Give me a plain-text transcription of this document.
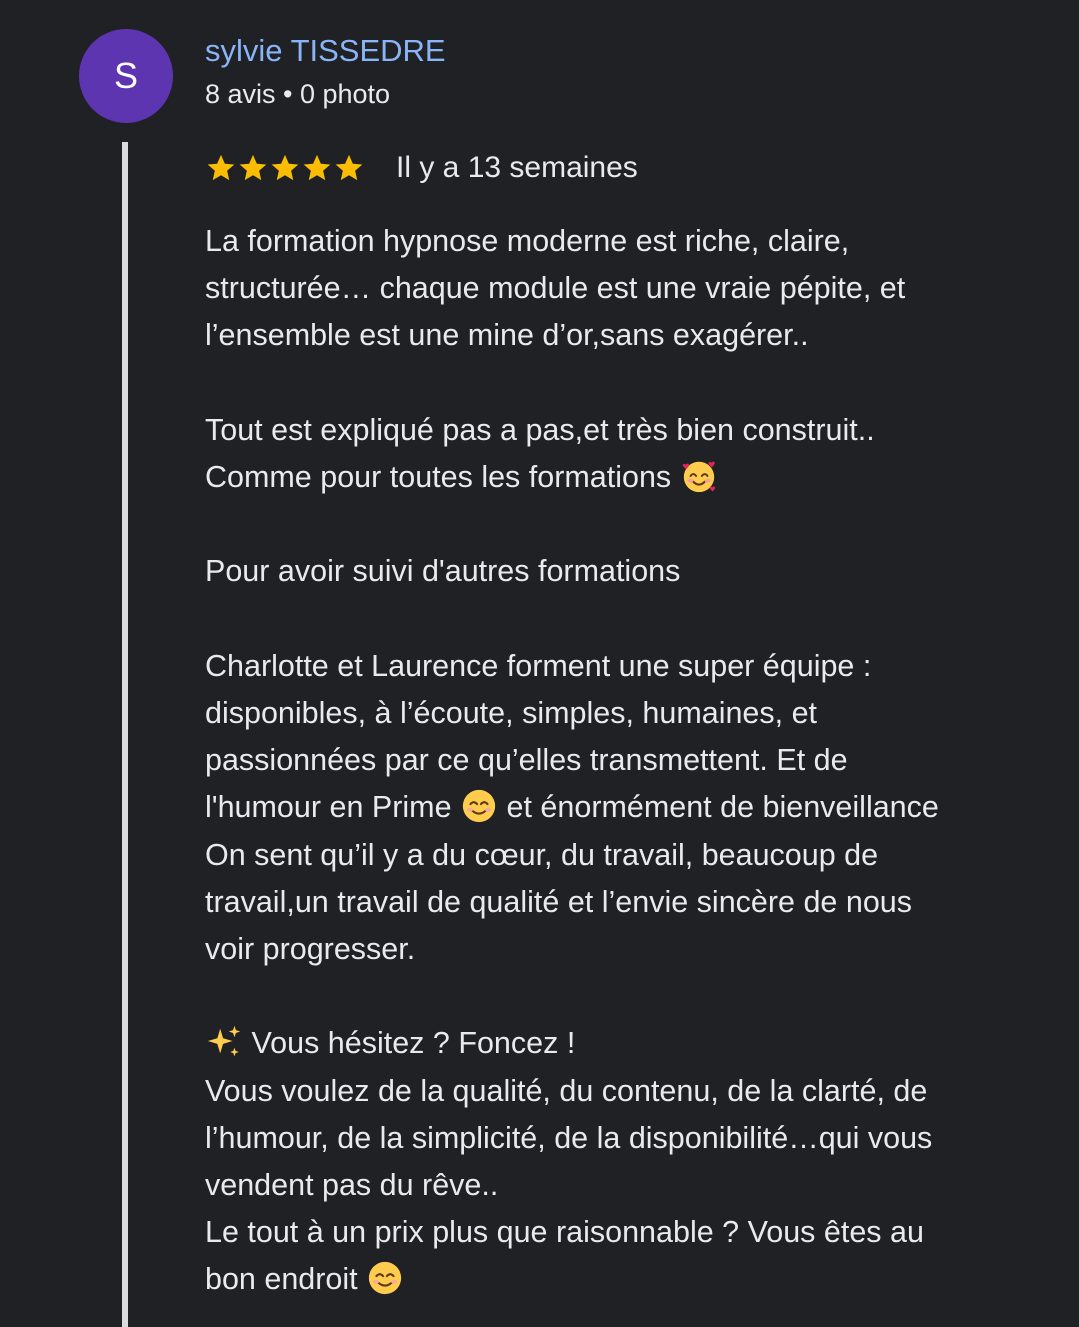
S
sylvie TISSEDRE
8 avis • 0 photo
Il y a 13 semaines
La formation hypnose moderne est riche, claire,
structurée… chaque module est une vraie pépite, et
l’ensemble est une mine d’or,sans exagérer..
Tout est expliqué pas a pas,et très bien construit..
Comme pour toutes les formations
Pour avoir suivi d'autres formations
Charlotte et Laurence forment une super équipe :
disponibles, à l’écoute, simples, humaines, et
passionnées par ce qu’elles transmettent. Et de
l'humour en Prime et énormément de bienveillance
On sent qu’il y a du cœur, du travail, beaucoup de
travail,un travail de qualité et l’envie sincère de nous
voir progresser.
Vous hésitez ? Foncez !
Vous voulez de la qualité, du contenu, de la clarté, de
l’humour, de la simplicité, de la disponibilité…qui vous
vendent pas du rêve..
Le tout à un prix plus que raisonnable ? Vous êtes au
bon endroit
